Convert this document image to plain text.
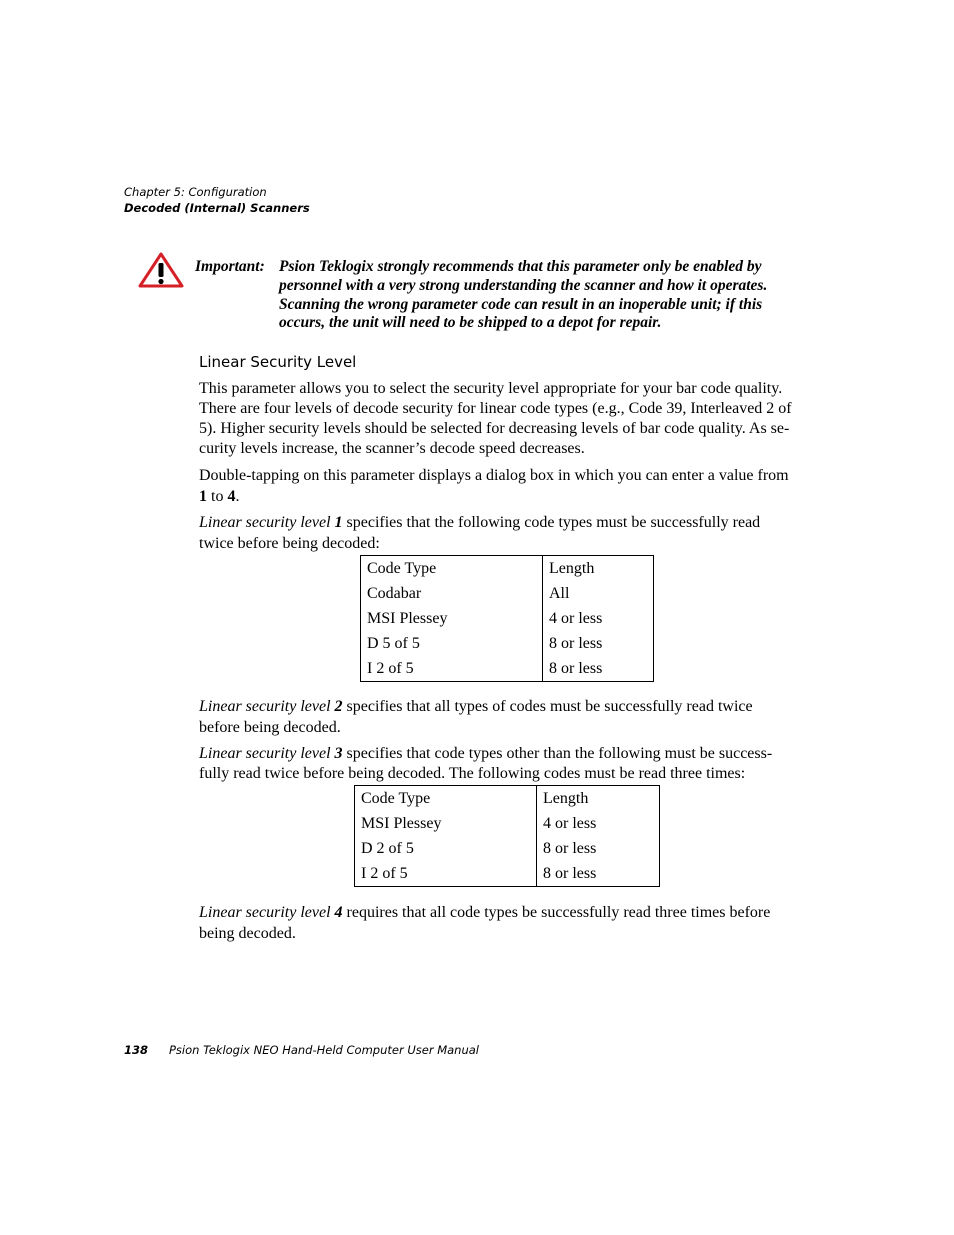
Chapter 5: Configuration
Decoded (Internal) Scanners
Important: Psion Teklogix strongly recommends that this parameter only be enabled by
personnel with a very strong understanding the scanner and how it operates.
Scanning the wrong parameter code can result in an inoperable unit; if this
occurs, the unit will need to be shipped to a depot for repair.
Linear Security Level
This parameter allows you to select the security level appropriate for your bar code quality.
There are four levels of decode security for linear code types (e.g., Code 39, Interleaved 2 of
5). Higher security levels should be selected for decreasing levels of bar code quality. As se-
curity levels increase, the scanner’s decode speed decreases.
Double-tapping on this parameter displays a dialog box in which you can enter a value from
1 to 4.
Linear security level 1 specifies that the following code types must be successfully read
twice before being decoded:
Code Type	Length
Codabar	All
MSI Plessey	4 or less
D 5 of 5	8 or less
I 2 of 5	8 or less
Linear security level 2 specifies that all types of codes must be successfully read twice
before being decoded.
Linear security level 3 specifies that code types other than the following must be success-
fully read twice before being decoded. The following codes must be read three times:
Code Type	Length
MSI Plessey	4 or less
D 2 of 5	8 or less
I 2 of 5	8 or less
Linear security level 4 requires that all code types be successfully read three times before
being decoded.
138 Psion Teklogix NEO Hand-Held Computer User Manual
